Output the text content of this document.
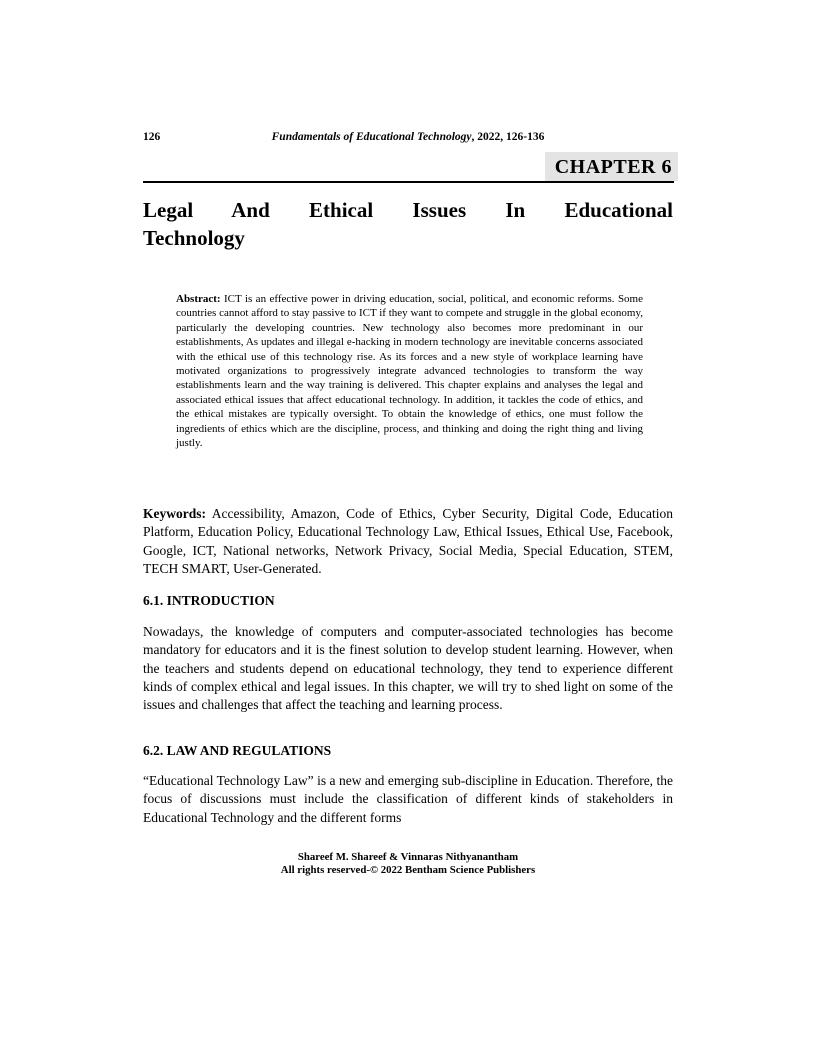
126	Fundamentals of Educational Technology, 2022, 126-136
CHAPTER 6
Legal And Ethical Issues In Educational
Technology
Abstract: ICT is an effective power in driving education, social, political, and economic reforms. Some countries cannot afford to stay passive to ICT if they want to compete and struggle in the global economy, particularly the developing countries. New technology also becomes more predominant in our establishments, As updates and illegal e-hacking in modern technology are inevitable concerns associated with the ethical use of this technology rise. As its forces and a new style of workplace learning have motivated organizations to progressively integrate advanced technologies to transform the way establishments learn and the way training is delivered. This chapter explains and analyses the legal and associated ethical issues that affect educational technology. In addition, it tackles the code of ethics, and the ethical mistakes are typically oversight. To obtain the knowledge of ethics, one must follow the ingredients of ethics which are the discipline, process, and thinking and doing the right thing and living justly.
Keywords: Accessibility, Amazon, Code of Ethics, Cyber Security, Digital Code, Education Platform, Education Policy, Educational Technology Law, Ethical Issues, Ethical Use, Facebook, Google, ICT, National networks, Network Privacy, Social Media, Special Education, STEM, TECH SMART, User-Generated.
6.1. INTRODUCTION
Nowadays, the knowledge of computers and computer-associated technologies has become mandatory for educators and it is the finest solution to develop student learning. However, when the teachers and students depend on educational technology, they tend to experience different kinds of complex ethical and legal issues. In this chapter, we will try to shed light on some of the issues and challenges that affect the teaching and learning process.
6.2. LAW AND REGULATIONS
“Educational Technology Law” is a new and emerging sub-discipline in Education. Therefore, the focus of discussions must include the classification of different kinds of stakeholders in Educational Technology and the different forms
Shareef M. Shareef & Vinnaras Nithyanantham
All rights reserved-© 2022 Bentham Science Publishers
